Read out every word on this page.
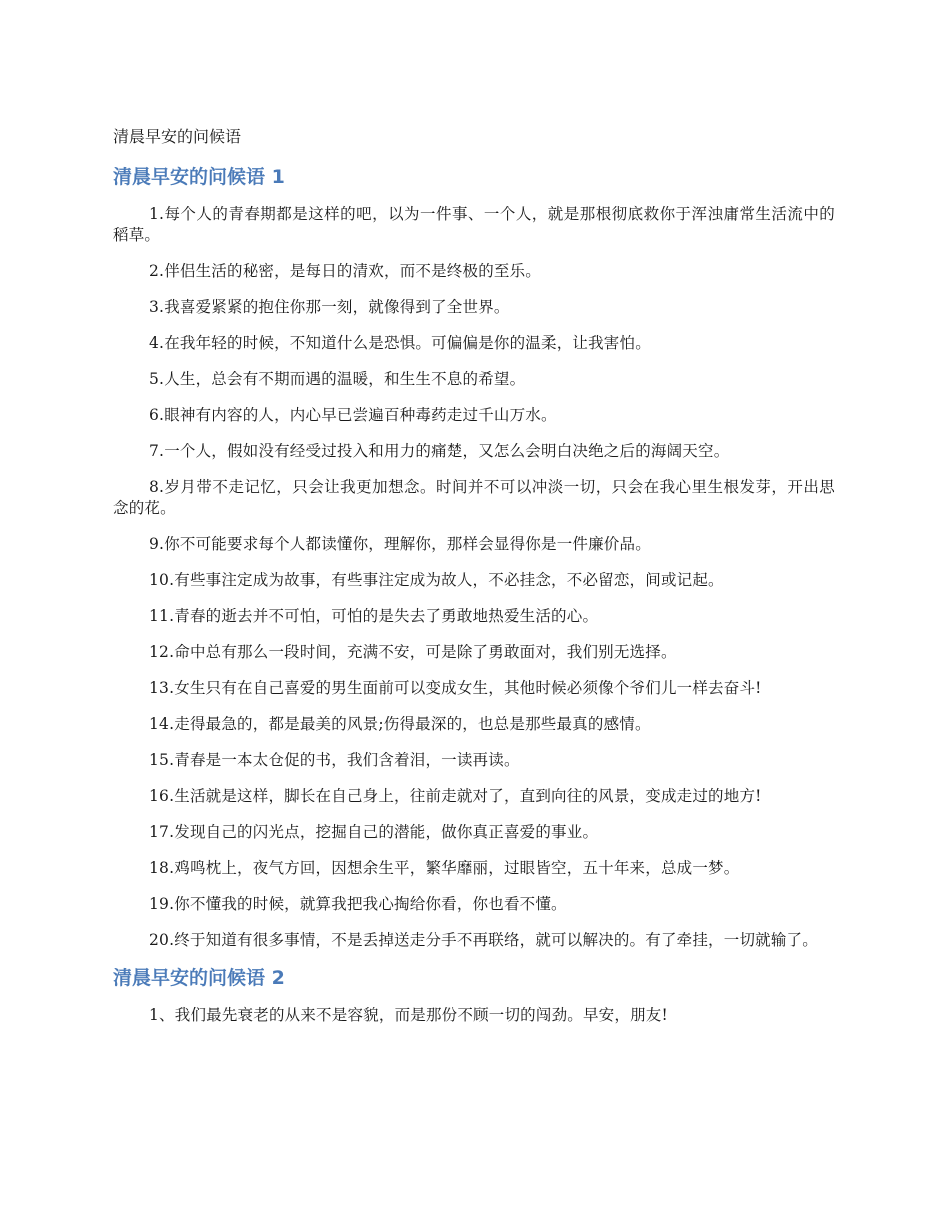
清晨早安的问候语
清晨早安的问候语 1

1.每个人的青春期都是这样的吧，以为一件事、一个人，就是那根彻底救你于浑浊庸常生活流中的稻草。

2.伴侣生活的秘密，是每日的清欢，而不是终极的至乐。

3.我喜爱紧紧的抱住你那一刻，就像得到了全世界。

4.在我年轻的时候，不知道什么是恐惧。可偏偏是你的温柔，让我害怕。

5.人生，总会有不期而遇的温暖，和生生不息的希望。

6.眼神有内容的人，内心早已尝遍百种毒药走过千山万水。

7.一个人，假如没有经受过投入和用力的痛楚，又怎么会明白决绝之后的海阔天空。

8.岁月带不走记忆，只会让我更加想念。时间并不可以冲淡一切，只会在我心里生根发芽，开出思念的花。

9.你不可能要求每个人都读懂你，理解你，那样会显得你是一件廉价品。

10.有些事注定成为故事，有些事注定成为故人，不必挂念，不必留恋，间或记起。

11.青春的逝去并不可怕，可怕的是失去了勇敢地热爱生活的心。

12.命中总有那么一段时间，充满不安，可是除了勇敢面对，我们别无选择。

13.女生只有在自己喜爱的男生面前可以变成女生，其他时候必须像个爷们儿一样去奋斗!

14.走得最急的，都是最美的风景;伤得最深的，也总是那些最真的感情。

15.青春是一本太仓促的书，我们含着泪，一读再读。

16.生活就是这样，脚长在自己身上，往前走就对了，直到向往的风景，变成走过的地方!

17.发现自己的闪光点，挖掘自己的潜能，做你真正喜爱的事业。

18.鸡鸣枕上，夜气方回，因想余生平，繁华靡丽，过眼皆空，五十年来，总成一梦。

19.你不懂我的时候，就算我把我心掏给你看，你也看不懂。

20.终于知道有很多事情，不是丢掉送走分手不再联络，就可以解决的。有了牵挂，一切就输了。

清晨早安的问候语 2

1、我们最先衰老的从来不是容貌，而是那份不顾一切的闯劲。早安，朋友!
